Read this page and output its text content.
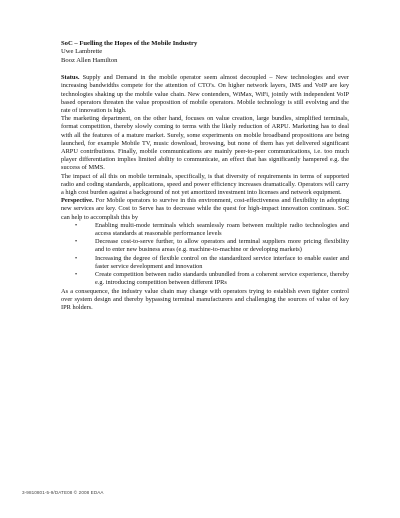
SoC – Fuelling the Hopes of the Mobile Industry
Uwe Lambrette
Booz Allen Hamilton

Status. Supply and Demand in the mobile operator seem almost decoupled – New technologies and ever increasing bandwidths compete for the attention of CTO's. On higher network layers, IMS and VoIP are key technologies shaking up the mobile value chain. New contenders, WiMax, WiFi, jointly with independent VoIP based operators threaten the value proposition of mobile operators. Mobile technology is still evolving and the rate of innovation is high.

The marketing department, on the other hand, focuses on value creation, large bundles, simplified terminals, format competition, thereby slowly coming to terms with the likely reduction of ARPU. Marketing has to deal with all the features of a mature market. Surely, some experiments on mobile broadband propositions are being launched, for example Mobile TV, music download, browsing, but none of them has yet delivered significant ARPU contributions. Finally, mobile communications are mainly peer-to-peer communications, i.e. too much player differentiation implies limited ability to communicate, an effect that has significantly hampered e.g. the success of MMS.

The impact of all this on mobile terminals, specifically, is that diversity of requirements in terms of supported radio and coding standards, applications, speed and power efficiency increases dramatically. Operators will carry a high cost burden against a background of not yet amortized investment into licenses and network equipment.

Perspective. For Mobile operators to survive in this environment, cost-effectiveness and flexibility in adopting new services are key. Cost to Serve has to decrease while the quest for high-impact innovation continues. SoC can help to accomplish this by

•	Enabling multi-mode terminals which seamlessly roam between multiple radio technologies and access standards at reasonable performance levels
•	Decrease cost-to-serve further, to allow operators and terminal suppliers more pricing flexibility and to enter new business areas (e.g. machine-to-machine or developing markets)
•	Increasing the degree of flexible control on the standardized service interface to enable easier and faster service development and innovation
•	Create competition between radio standards unbundled from a coherent service experience, thereby e.g. introducing competition between different IPRs

As a consequence, the industry value chain may change with operators trying to establish even tighter control over system design and thereby bypassing terminal manufacturers and challenging the sources of value of key IPR holders.

3-9810801-5-9/DATE08 © 2008 EDAA
